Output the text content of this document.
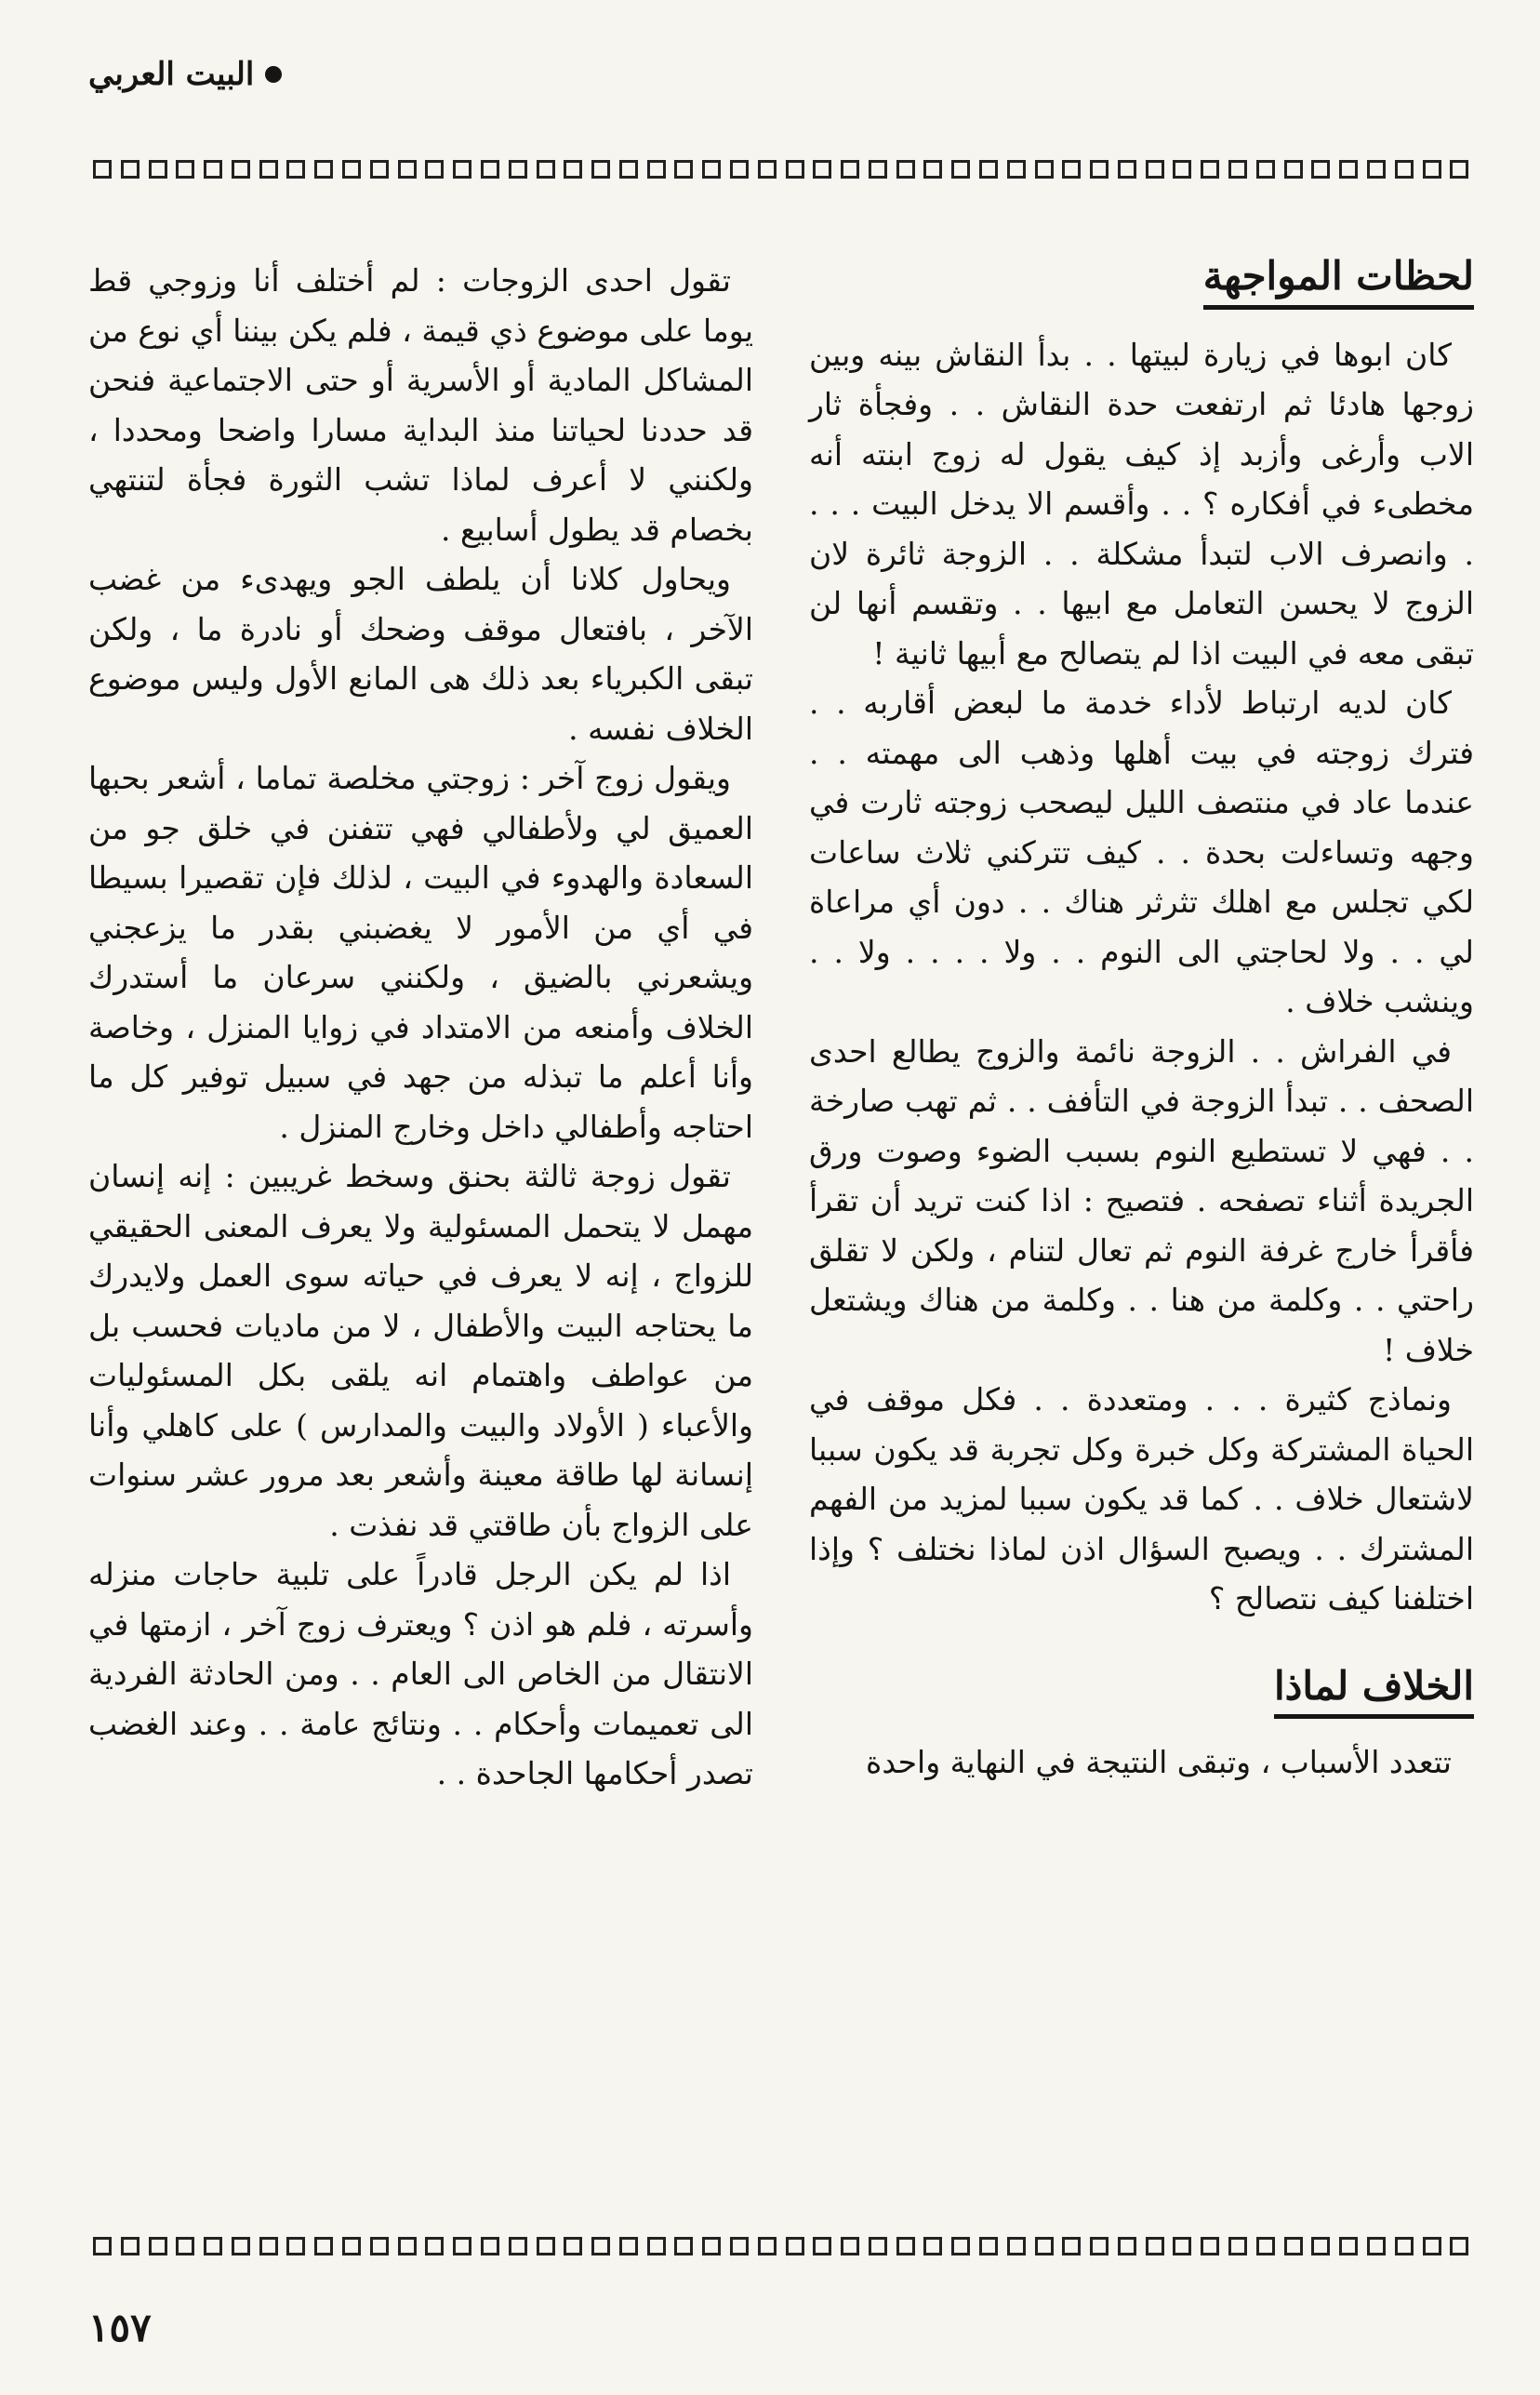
البيت العربي
لحظات المواجهة

كان ابوها في زيارة لبيتها . . بدأ النقاش بينه وبين زوجها هادئا ثم ارتفعت حدة النقاش . . وفجأة ثار الاب وأرغى وأزبد إذ كيف يقول له زوج ابنته أنه مخطىء في أفكاره ؟ . . وأقسم الا يدخل البيت . . . . وانصرف الاب لتبدأ مشكلة . . الزوجة ثائرة لان الزوج لا يحسن التعامل مع ابيها . . وتقسم أنها لن تبقى معه في البيت اذا لم يتصالح مع أبيها ثانية !

كان لديه ارتباط لأداء خدمة ما لبعض أقاربه . . فترك زوجته في بيت أهلها وذهب الى مهمته . . عندما عاد في منتصف الليل ليصحب زوجته ثارت في وجهه وتساءلت بحدة . . كيف تتركني ثلاث ساعات لكي تجلس مع اهلك تثرثر هناك . . دون أي مراعاة لي . . ولا لحاجتي الى النوم . . ولا . . . . ولا . . وينشب خلاف .

في الفراش . . الزوجة نائمة والزوج يطالع احدى الصحف . . تبدأ الزوجة في التأفف . . ثم تهب صارخة . . فهي لا تستطيع النوم بسبب الضوء وصوت ورق الجريدة أثناء تصفحه . فتصيح : اذا كنت تريد أن تقرأ فأقرأ خارج غرفة النوم ثم تعال لتنام ، ولكن لا تقلق راحتي . . وكلمة من هنا . . وكلمة من هناك ويشتعل خلاف !

ونماذج كثيرة . . . ومتعددة . . فكل موقف في الحياة المشتركة وكل خبرة وكل تجربة قد يكون سببا لاشتعال خلاف . . كما قد يكون سببا لمزيد من الفهم المشترك . . ويصبح السؤال اذن لماذا نختلف ؟ وإذا اختلفنا كيف نتصالح ؟

الخلاف لماذا

تتعدد الأسباب ، وتبقى النتيجة في النهاية واحدة

تقول احدى الزوجات : لم أختلف أنا وزوجي قط يوما على موضوع ذي قيمة ، فلم يكن بيننا أي نوع من المشاكل المادية أو الأسرية أو حتى الاجتماعية فنحن قد حددنا لحياتنا منذ البداية مسارا واضحا ومحددا ، ولكنني لا أعرف لماذا تشب الثورة فجأة لتنتهي بخصام قد يطول أسابيع .

ويحاول كلانا أن يلطف الجو ويهدىء من غضب الآخر ، بافتعال موقف وضحك أو نادرة ما ، ولكن تبقى الكبرياء بعد ذلك هى المانع الأول وليس موضوع الخلاف نفسه .

ويقول زوج آخر : زوجتي مخلصة تماما ، أشعر بحبها العميق لي ولأطفالي فهي تتفنن في خلق جو من السعادة والهدوء في البيت ، لذلك فإن تقصيرا بسيطا في أي من الأمور لا يغضبني بقدر ما يزعجني ويشعرني بالضيق ، ولكنني سرعان ما أستدرك الخلاف وأمنعه من الامتداد في زوايا المنزل ، وخاصة وأنا أعلم ما تبذله من جهد في سبيل توفير كل ما احتاجه وأطفالي داخل وخارج المنزل .

تقول زوجة ثالثة بحنق وسخط غريبين : إنه إنسان مهمل لا يتحمل المسئولية ولا يعرف المعنى الحقيقي للزواج ، إنه لا يعرف في حياته سوى العمل ولايدرك ما يحتاجه البيت والأطفال ، لا من ماديات فحسب بل من عواطف واهتمام انه يلقى بكل المسئوليات والأعباء ( الأولاد والبيت والمدارس ) على كاهلي وأنا إنسانة لها طاقة معينة وأشعر بعد مرور عشر سنوات على الزواج بأن طاقتي قد نفذت .

اذا لم يكن الرجل قادراً على تلبية حاجات منزله وأسرته ، فلم هو اذن ؟ ويعترف زوج آخر ، ازمتها في الانتقال من الخاص الى العام . . ومن الحادثة الفردية الى تعميمات وأحكام . . ونتائج عامة . . وعند الغضب تصدر أحكامها الجاحدة . .

١٥٧
